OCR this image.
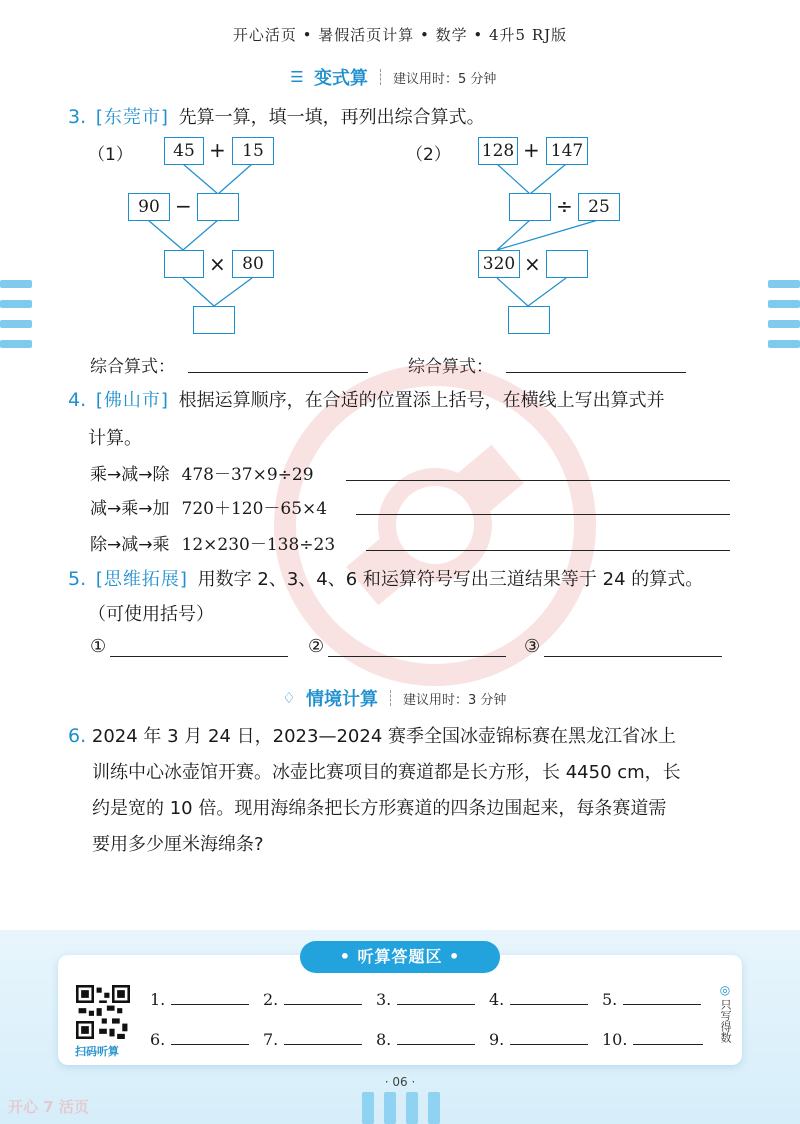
开心活页 • 暑假活页计算 • 数学 • 4升5 RJ版
☰ 变式算 建议用时：5 分钟
3. [东莞市] 先算一算，填一填，再列出综合算式。
（1）	45 + 15
90 −
× 80
（2） 128 + 147
÷ 25
320 ×
综合算式：	综合算式：
4. [佛山市] 根据运算顺序，在合适的位置添上括号，在横线上写出算式并
计算。
乘→减→除 478－37×9÷29
减→乘→加 720＋120－65×4
除→减→乘 12×230－138÷23
5. [思维拓展] 用数字 2、3、4、6 和运算符号写出三道结果等于 24 的算式。
（可使用括号）
①	②	③
♢ 情境计算 建议用时：3 分钟
6. 2024 年 3 月 24 日，2023—2024 赛季全国冰壶锦标赛在黑龙江省冰上
训练中心冰壶馆开赛。冰壶比赛项目的赛道都是长方形，长 4450 cm，长
约是宽的 10 倍。现用海绵条把长方形赛道的四条边围起来，每条赛道需
要用多少厘米海绵条?
• 听算答题区 •
扫码听算
1.	2.	3.	4.	5.
6.	7.	8.	9.	10.
◎
只写得数
· 06 ·
开心 7 活页
